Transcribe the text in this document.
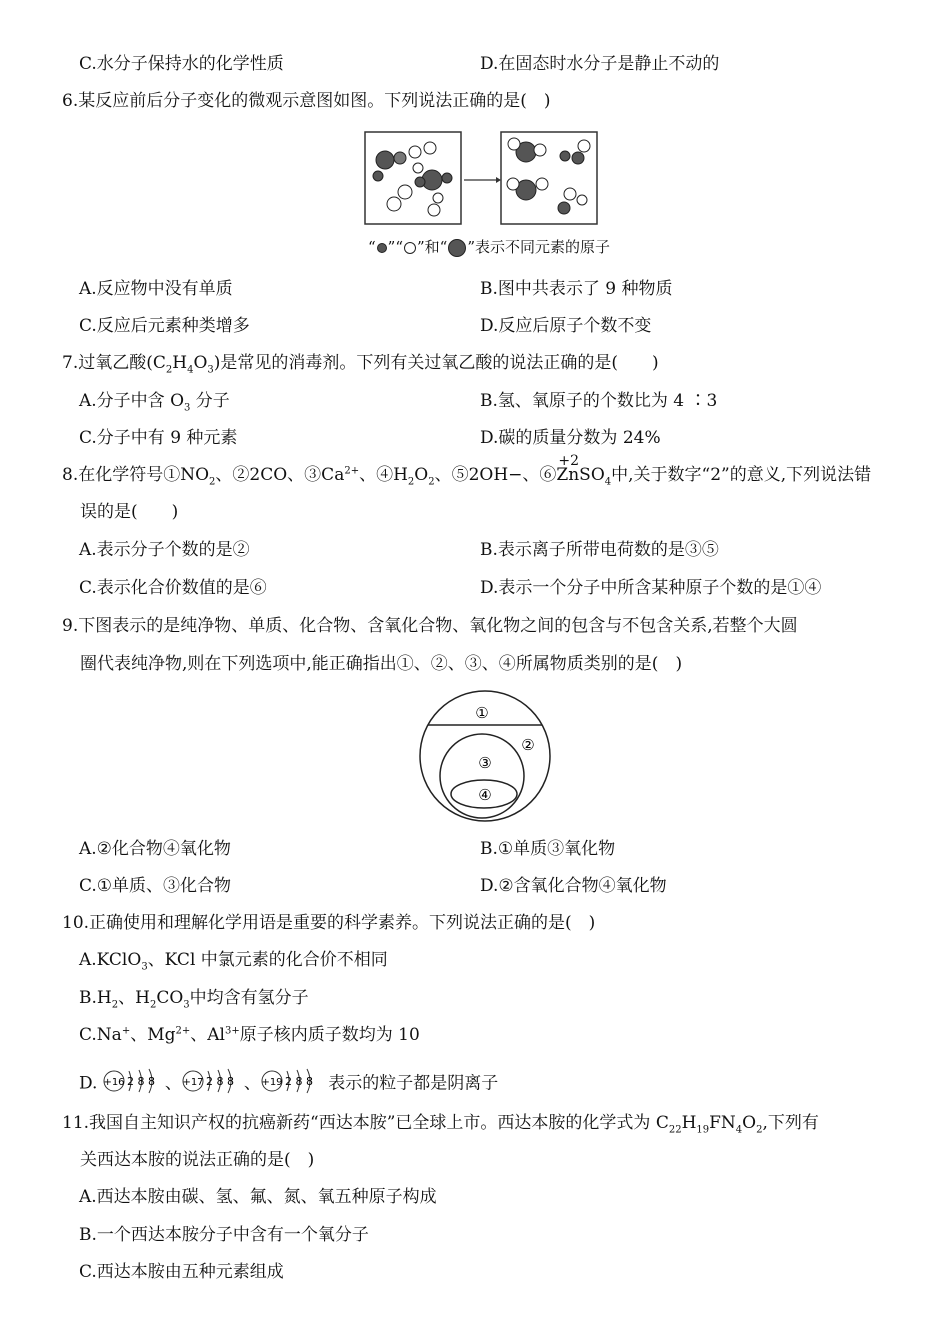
C.水分子保持水的化学性质	D.在固态时水分子是静止不动的
6.某反应前后分子变化的微观示意图如图。下列说法正确的是(　)
“ ”“ ”和“ ”表示不同元素的原子
A.反应物中没有单质	B.图中共表示了 9 种物质
C.反应后元素种类增多	D.反应后原子个数不变
7.过氧乙酸$(C_2H_4O_3)$是常见的消毒剂。下列有关过氧乙酸的说法正确的是(　　)
A.分子中含 $O_3$ 分子	B.氢、氧原子的个数比为 4 ∶3
C.分子中有 9 种元素	D.碳的质量分数为 24%
8.在化学符号$①NO_2$、②2CO、$③Ca^{2+}$、$④H_2O_2$、⑤2OH−、⑥
+2
ZnSO$_4$中,关于数字“2”的意义,下列说法错
误的是(　　)
A.表示分子个数的是②	B.表示离子所带电荷数的是③⑤
C.表示化合价数值的是⑥	D.表示一个分子中所含某种原子个数的是①④
9.下图表示的是纯净物、单质、化合物、含氧化合物、氧化物之间的包含与不包含关系,若整个大圆
圈代表纯净物,则在下列选项中,能正确指出①、②、③、④所属物质类别的是(　)
①
②
③
④
A.②化合物④氧化物	B.①单质③氧化物
C.①单质、③化合物	D.②含氧化合物④氧化物
10.正确使用和理解化学用语是重要的科学素养。下列说法正确的是(　)
A.KClO$_3$、KCl 中氯元素的化合价不相同
$B.H_2$、$H_2CO_3$中均含有氢分子
C.Na+、$Mg^{2+}$、$Al^{3+}$原子核内质子数均为 10
D. +16 2 8 8 、 +17 2 8 8 、 +19 2 8 8 表示的粒子都是阴离子
11.我国自主知识产权的抗癌新药“西达本胺”已全球上市。西达本胺的化学式为 $C_{22}H_{19}FN_4O_2$,下列有
关西达本胺的说法正确的是(　)
A.西达本胺由碳、氢、氟、氮、氧五种原子构成
B.一个西达本胺分子中含有一个氧分子
C.西达本胺由五种元素组成
